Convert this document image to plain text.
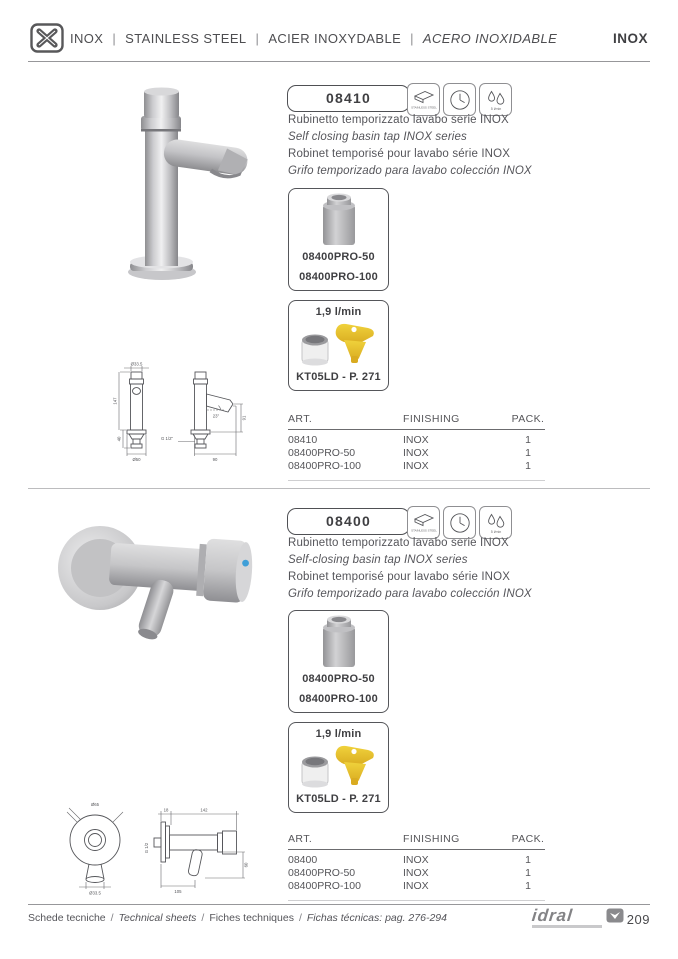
INOX | STAINLESS STEEL | ACIER INOXYDABLE | ACERO INOXIDABLE	INOX
08410
STAINLESS STEEL	5 l/min
Rubinetto temporizzato lavabo serie INOX
Self closing basin tap INOX series
Robinet temporisé pour lavabo série INOX
Grifo temporizado para lavabo colección INOX
08400PRO-50
08400PRO-100
1,9 l/min
KT05LD - P. 271
Ø33.5
147
40
Ø50
23°	91
G 1/2"
90
ART.	FINISHING	PACK.
08410	INOX	1
08400PRO-50	INOX	1
08400PRO-100	INOX	1
08400
STAINLESS STEEL	5 l/min
Rubinetto temporizzato lavabo serie INOX
Self-closing basin tap INOX series
Robinet temporisé pour lavabo série INOX
Grifo temporizado para lavabo colección INOX
08400PRO-50
08400PRO-100
1,9 l/min
KT05LD - P. 271
Ø65
Ø33.5
18	142
G 1/2
60
105
ART.	FINISHING	PACK.
08400	INOX	1
08400PRO-50	INOX	1
08400PRO-100	INOX	1
Schede tecniche / Technical sheets / Fiches techniques / Fichas técnicas: pag. 276-294	idral	209
